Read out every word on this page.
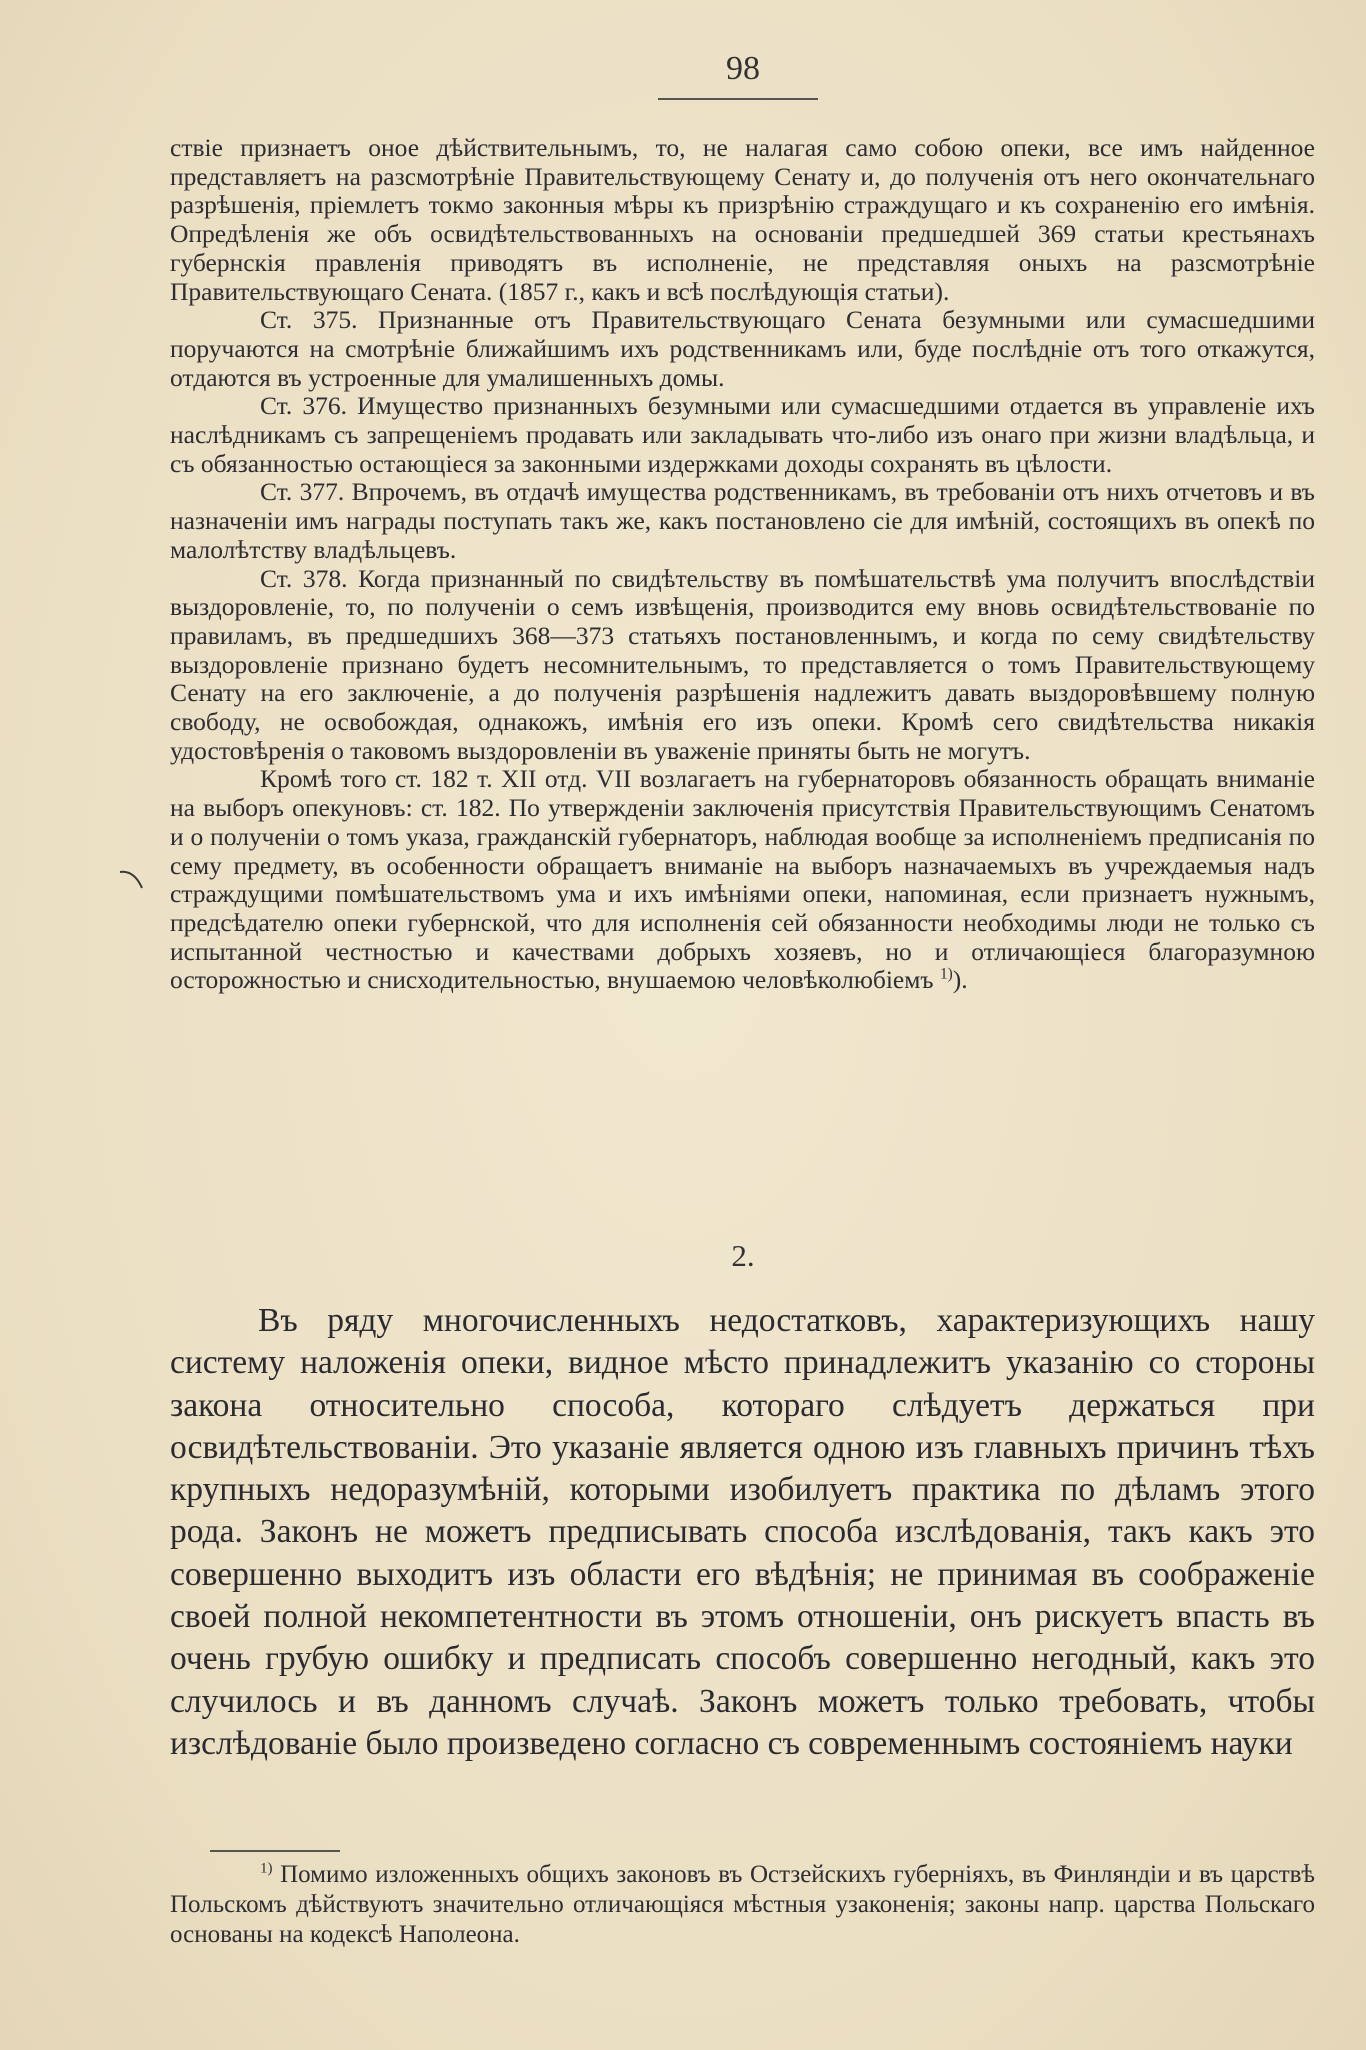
98

ствіе признаетъ оное дѣйствительнымъ, то, не налагая само собою опеки, все имъ найденное представляетъ на разсмотрѣніе Правительствующему Сенату и, до полученія отъ него окончательнаго разрѣшенія, пріемлетъ токмо законныя мѣры къ призрѣнію страждущаго и къ сохраненію его имѣнія. Опредѣленія же объ освидѣтельствованныхъ на основаніи предшедшей 369 статьи крестьянахъ губернскія правленія приводятъ въ исполненіе, не представляя оныхъ на разсмотрѣніе Правительствующаго Сената. (1857 г., какъ и всѣ послѣдующія статьи).

Ст. 375. Признанные отъ Правительствующаго Сената безумными или сумасшедшими поручаются на смотрѣніе ближайшимъ ихъ родственникамъ или, буде послѣдніе отъ того откажутся, отдаются въ устроенные для умалишенныхъ домы.

Ст. 376. Имущество признанныхъ безумными или сумасшедшими отдается въ управленіе ихъ наслѣдникамъ съ запрещеніемъ продавать или закладывать что-либо изъ онаго при жизни владѣльца, и съ обязанностью остающіеся за законными издержками доходы сохранять въ цѣлости.

Ст. 377. Впрочемъ, въ отдачѣ имущества родственникамъ, въ требованіи отъ нихъ отчетовъ и въ назначеніи имъ награды поступать такъ же, какъ постановлено сіе для имѣній, состоящихъ въ опекѣ по малолѣтству владѣльцевъ.

Ст. 378. Когда признанный по свидѣтельству въ помѣшательствѣ ума получитъ впослѣдствіи выздоровленіе, то, по полученіи о семъ извѣщенія, производится ему вновь освидѣтельствованіе по правиламъ, въ предшедшихъ 368—373 статьяхъ постановленнымъ, и когда по сему свидѣтельству выздоровленіе признано будетъ несомнительнымъ, то представляется о томъ Правительствующему Сенату на его заключеніе, а до полученія разрѣшенія надлежитъ давать выздоровѣвшему полную свободу, не освобождая, однакожъ, имѣнія его изъ опеки. Кромѣ сего свидѣтельства никакія удостовѣренія о таковомъ выздоровленіи въ уваженіе приняты быть не могутъ.

Кромѣ того ст. 182 т. XII отд. VII возлагаетъ на губернаторовъ обязанность обращать вниманіе на выборъ опекуновъ: ст. 182. По утвержденіи заключенія присутствія Правительствующимъ Сенатомъ и о полученіи о томъ указа, гражданскій губернаторъ, наблюдая вообще за исполненіемъ предписанія по сему предмету, въ особенности обращаетъ вниманіе на выборъ назначаемыхъ въ учреждаемыя надъ страждущими помѣшательствомъ ума и ихъ имѣніями опеки, напоминая, если признаетъ нужнымъ, предсѣдателю опеки губернской, что для исполненія сей обязанности необходимы люди не только съ испытанной честностью и качествами добрыхъ хозяевъ, но и отличающіеся благоразумною осторожностью и снисходительностью, внушаемою человѣколюбіемъ $^{1)}$).

2.

Въ ряду многочисленныхъ недостатковъ, характеризующихъ нашу систему наложенія опеки, видное мѣсто принадлежитъ указанію со стороны закона относительно способа, котораго слѣдуетъ держаться при освидѣтельствованіи. Это указаніе является одною изъ главныхъ причинъ тѣхъ крупныхъ недоразумѣній, которыми изобилуетъ практика по дѣламъ этого рода. Законъ не можетъ предписывать способа изслѣдованія, такъ какъ это совершенно выходитъ изъ области его вѣдѣнія; не принимая въ соображеніе своей полной некомпетентности въ этомъ отношеніи, онъ рискуетъ впасть въ очень грубую ошибку и предписать способъ совершенно негодный, какъ это случилось и въ данномъ случаѣ. Законъ можетъ только требовать, чтобы изслѣдованіе было произведено согласно съ современнымъ состояніемъ науки

$^{1)}$ Помимо изложенныхъ общихъ законовъ въ Остзейскихъ губерніяхъ, въ Финляндіи и въ царствѣ Польскомъ дѣйствуютъ значительно отличающіяся мѣстныя узаконенія; законы напр. царства Польскаго основаны на кодексѣ Наполеона.
